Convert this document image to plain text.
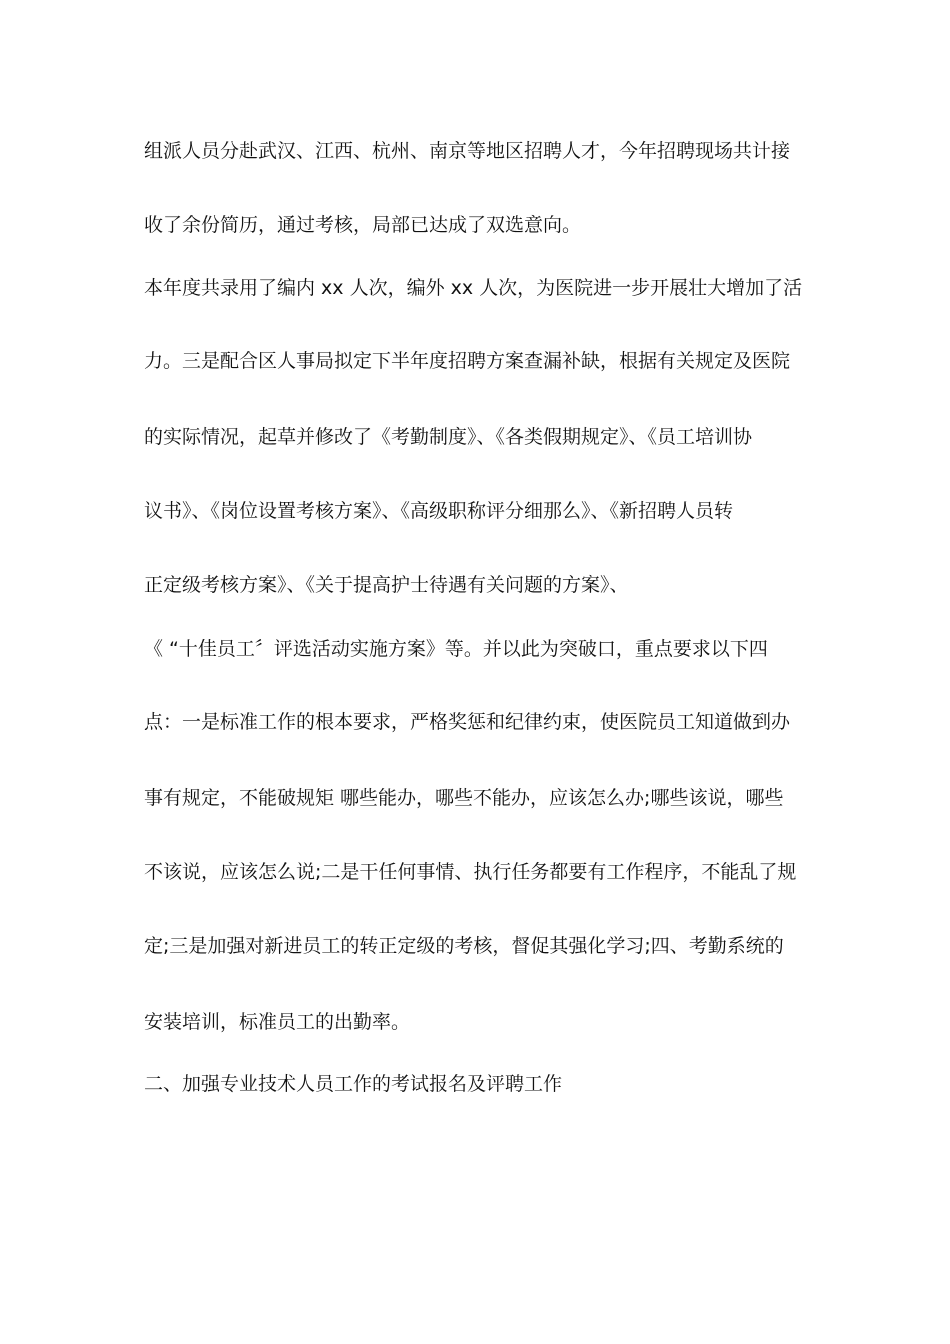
组派人员分赴武汉、江西、杭州、南京等地区招聘人才，今年招聘现场共计接
收了余份简历，通过考核，局部已达成了双选意向。
本年度共录用了编内 xx 人次，编外 xx 人次，为医院进一步开展壮大增加了活
力。三是配合区人事局拟定下半年度招聘方案查漏补缺，根据有关规定及医院
的实际情况，起草并修改了《考勤制度》、《各类假期规定》、《员工培训协
议书》、《岗位设置考核方案》、《高级职称评分细那么》、《新招聘人员转
正定级考核方案》、《关于提高护士待遇有关问题的方案》、
《 “十佳员工〞评选活动实施方案》等。并以此为突破口，重点要求以下四
点：一是标准工作的根本要求，严格奖惩和纪律约束，使医院员工知道做到办
事有规定，不能破规矩 哪些能办，哪些不能办，应该怎么办;哪些该说，哪些
不该说，应该怎么说;二是干任何事情、执行任务都要有工作程序，不能乱了规
定;三是加强对新进员工的转正定级的考核，督促其强化学习;四、考勤系统的
安装培训，标准员工的出勤率。
二、加强专业技术人员工作的考试报名及评聘工作
